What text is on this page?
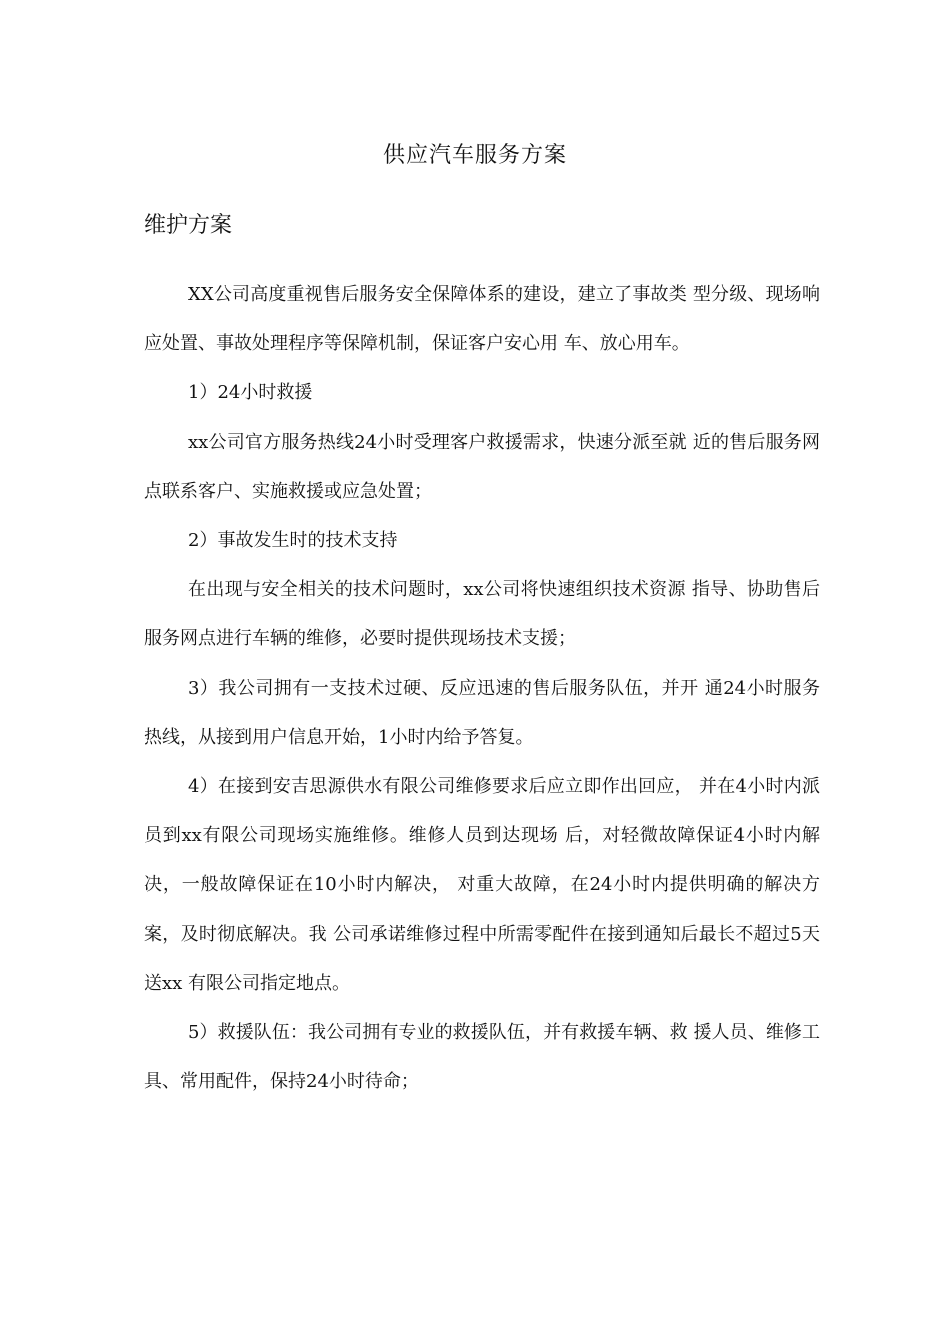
供应汽车服务方案
维护方案

XX公司高度重视售后服务安全保障体系的建设，建立了事故类 型分级、现场响应处置、事故处理程序等保障机制，保证客户安心用 车、放心用车。

1）24小时救援

xx公司官方服务热线24小时受理客户救援需求，快速分派至就 近的售后服务网点联系客户、实施救援或应急处置；

2）事故发生时的技术支持

在出现与安全相关的技术问题时，xx公司将快速组织技术资源 指导、协助售后服务网点进行车辆的维修，必要时提供现场技术支援；

3）我公司拥有一支技术过硬、反应迅速的售后服务队伍，并开 通24小时服务热线，从接到用户信息开始，1小时内给予答复。

4）在接到安吉思源供水有限公司维修要求后应立即作出回应， 并在4小时内派员到xx有限公司现场实施维修。维修人员到达现场 后，对轻微故障保证4小时内解决，一般故障保证在10小时内解决， 对重大故障，在24小时内提供明确的解决方案，及时彻底解决。我 公司承诺维修过程中所需零配件在接到通知后最长不超过5天送xx 有限公司指定地点。

5）救援队伍：我公司拥有专业的救援队伍，并有救援车辆、救 援人员、维修工具、常用配件，保持24小时待命；
